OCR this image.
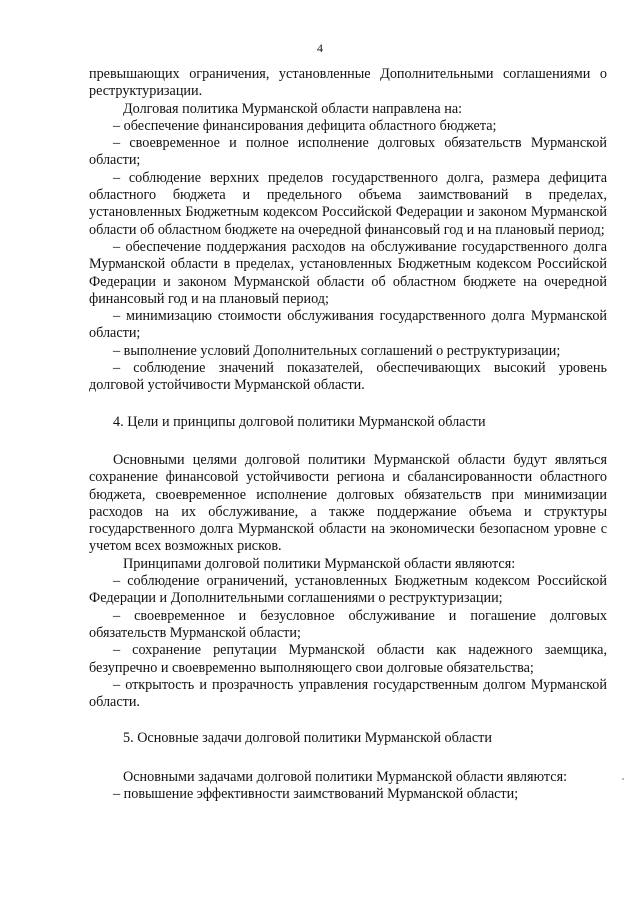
4

превышающих ограничения, установленные Дополнительными соглашениями о реструктуризации.

Долговая политика Мурманской области направлена на:

– обеспечение финансирования дефицита областного бюджета;

– своевременное и полное исполнение долговых обязательств Мурманской области;

– соблюдение верхних пределов государственного долга, размера дефицита областного бюджета и предельного объема заимствований в пределах, установленных Бюджетным кодексом Российской Федерации и законом Мурманской области об областном бюджете на очередной финансовый год и на плановый период;

– обеспечение поддержания расходов на обслуживание государственного долга Мурманской области в пределах, установленных Бюджетным кодексом Российской Федерации и законом Мурманской области об областном бюджете на очередной финансовый год и на плановый период;

– минимизацию стоимости обслуживания государственного долга Мурманской области;

– выполнение условий Дополнительных соглашений о реструктуризации;

– соблюдение значений показателей, обеспечивающих высокий уровень долговой устойчивости Мурманской области.

4. Цели и принципы долговой политики Мурманской области

Основными целями долговой политики Мурманской области будут являться сохранение финансовой устойчивости региона и сбалансированности областного бюджета, своевременное исполнение долговых обязательств при минимизации расходов на их обслуживание, а также поддержание объема и структуры государственного долга Мурманской области на экономически безопасном уровне с учетом всех возможных рисков.

Принципами долговой политики Мурманской области являются:

– соблюдение ограничений, установленных Бюджетным кодексом Российской Федерации и Дополнительными соглашениями о реструктуризации;

– своевременное и безусловное обслуживание и погашение долговых обязательств Мурманской области;

– сохранение репутации Мурманской области как надежного заемщика, безупречно и своевременно выполняющего свои долговые обязательства;

– открытость и прозрачность управления государственным долгом Мурманской области.

5. Основные задачи долговой политики Мурманской области

Основными задачами долговой политики Мурманской области являются:

– повышение эффективности заимствований Мурманской области;
